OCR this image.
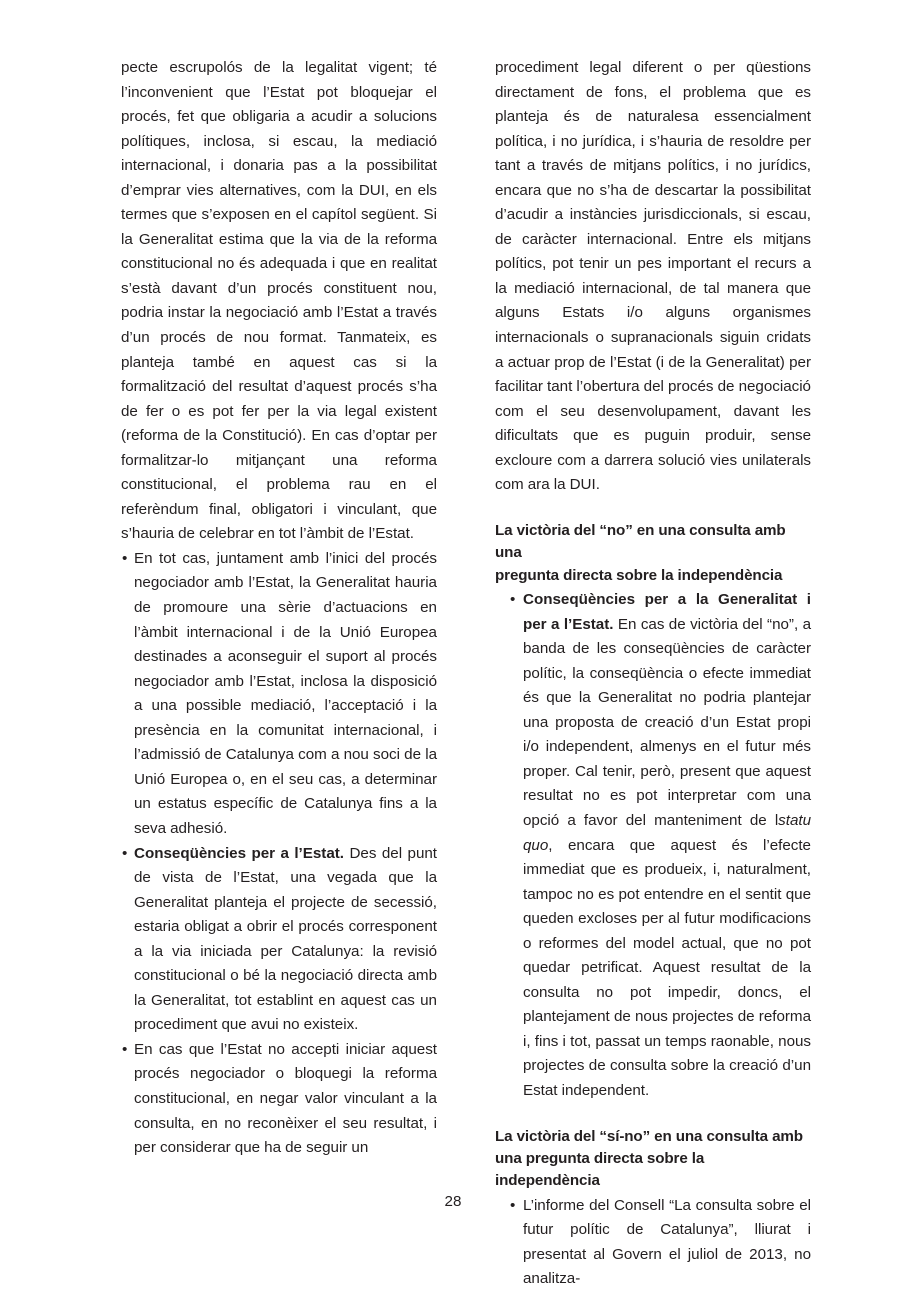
pecte escrupolós de la legalitat vigent; té l’inconvenient que l’Estat pot bloquejar el procés, fet que obligaria a acudir a solucions polítiques, inclosa, si escau, la mediació internacional, i donaria pas a la possibilitat d’emprar vies alternatives, com la DUI, en els termes que s’exposen en el capítol següent. Si la Generalitat estima que la via de la reforma constitucional no és adequada i que en realitat s’està davant d’un procés constituent nou, podria instar la negociació amb l’Estat a través d’un procés de nou format. Tanmateix, es planteja també en aquest cas si la formalització del resultat d’aquest procés s’ha de fer o es pot fer per la via legal existent (reforma de la Constitució). En cas d’optar per formalitzar-lo mitjançant una reforma constitucional, el problema rau en el referèndum final, obligatori i vinculant, que s’hauria de celebrar en tot l’àmbit de l’Estat.

• En tot cas, juntament amb l’inici del procés negociador amb l’Estat, la Generalitat hauria de promoure una sèrie d’actuacions en l’àmbit internacional i de la Unió Europea destinades a aconseguir el suport al procés negociador amb l’Estat, inclosa la disposició a una possible mediació, l’acceptació i la presència en la comunitat internacional, i l’admissió de Catalunya com a nou soci de la Unió Europea o, en el seu cas, a determinar un estatus específic de Catalunya fins a la seva adhesió.
• Conseqüències per a l’Estat. Des del punt de vista de l’Estat, una vegada que la Generalitat planteja el projecte de secessió, estaria obligat a obrir el procés corresponent a la via iniciada per Catalunya: la revisió constitucional o bé la negociació directa amb la Generalitat, tot establint en aquest cas un procediment que avui no existeix.
• En cas que l’Estat no accepti iniciar aquest procés negociador o bloquegi la reforma constitucional, en negar valor vinculant a la consulta, en no reconèixer el seu resultat, i per considerar que ha de seguir un

procediment legal diferent o per qüestions directament de fons, el problema que es planteja és de naturalesa essencialment política, i no jurídica, i s’hauria de resoldre per tant a través de mitjans polítics, i no jurídics, encara que no s’ha de descartar la possibilitat d’acudir a instàncies jurisdiccionals, si escau, de caràcter internacional. Entre els mitjans polítics, pot tenir un pes important el recurs a la mediació internacional, de tal manera que alguns Estats i/o alguns organismes internacionals o supranacionals siguin cridats a actuar prop de l’Estat (i de la Generalitat) per facilitar tant l’obertura del procés de negociació com el seu desenvolupament, davant les dificultats que es puguin produir, sense excloure com a darrera solució vies unilaterals com ara la DUI.

La victòria del “no” en una consulta amb una
pregunta directa sobre la independència
• Conseqüències per a la Generalitat i per a l’Estat. En cas de victòria del “no”, a banda de les conseqüències de caràcter polític, la conseqüència o efecte immediat és que la Generalitat no podria plantejar una proposta de creació d’un Estat propi i/o independent, almenys en el futur més proper. Cal tenir, però, present que aquest resultat no es pot interpretar com una opció a favor del manteniment de lstatu quo, encara que aquest és l’efecte immediat que es produeix, i, naturalment, tampoc no es pot entendre en el sentit que queden excloses per al futur modificacions o reformes del model actual, que no pot quedar petrificat. Aquest resultat de la consulta no pot impedir, doncs, el plantejament de nous projectes de reforma i, fins i tot, passat un temps raonable, nous projectes de consulta sobre la creació d’un Estat independent.
La victòria del “sí-no” en una consulta amb
una pregunta directa sobre la independència
• L’informe del Consell “La consulta sobre el futur polític de Catalunya”, lliurat i presentat al Govern el juliol de 2013, no analitza-
28
